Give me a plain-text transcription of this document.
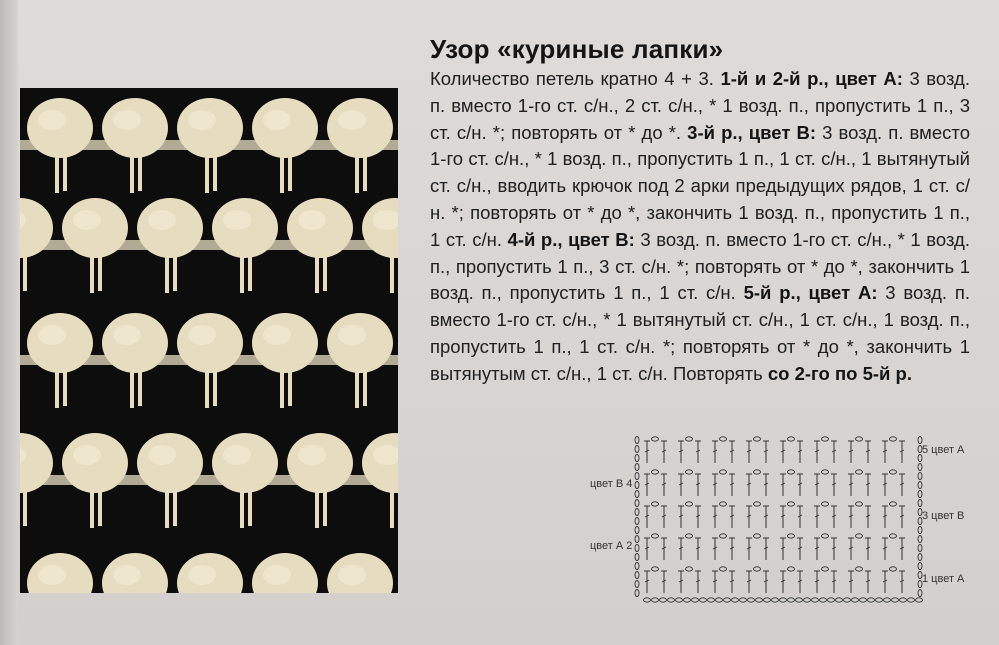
Узор «куриные лапки»
Количество петель кратно 4 + 3. 1-й и 2-й р., цвет А: 3 возд. п. вместо 1-го ст. с/н., 2 ст. с/н., * 1 возд. п., пропустить 1 п., 3 ст. с/н. *; повторять от * до *. 3-й р., цвет В: 3 возд. п. вместо 1-го ст. с/н., * 1 возд. п., пропустить 1 п., 1 ст. с/н., 1 вытянутый ст. с/н., вводить крючок под 2 арки предыдущих рядов, 1 ст. с/н. *; повторять от * до *, закончить 1 возд. п., пропустить 1 п., 1 ст. с/н. 4-й р., цвет В: 3 возд. п. вместо 1-го ст. с/н., * 1 возд. п., пропустить 1 п., 3 ст. с/н. *; повторять от * до *, закончить 1 возд. п., пропустить 1 п., 1 ст. с/н. 5-й р., цвет А: 3 возд. п. вместо 1-го ст. с/н., * 1 вытянутый ст. с/н., 1 ст. с/н., 1 возд. п., пропустить 1 п., 1 ст. с/н. *; повторять от * до *, закончить 1 вытянутым ст. с/н., 1 ст. с/н. Повторять со 2-го по 5-й р.
5 цвет А
цвет В 4
3 цвет В
цвет А 2
1 цвет А
